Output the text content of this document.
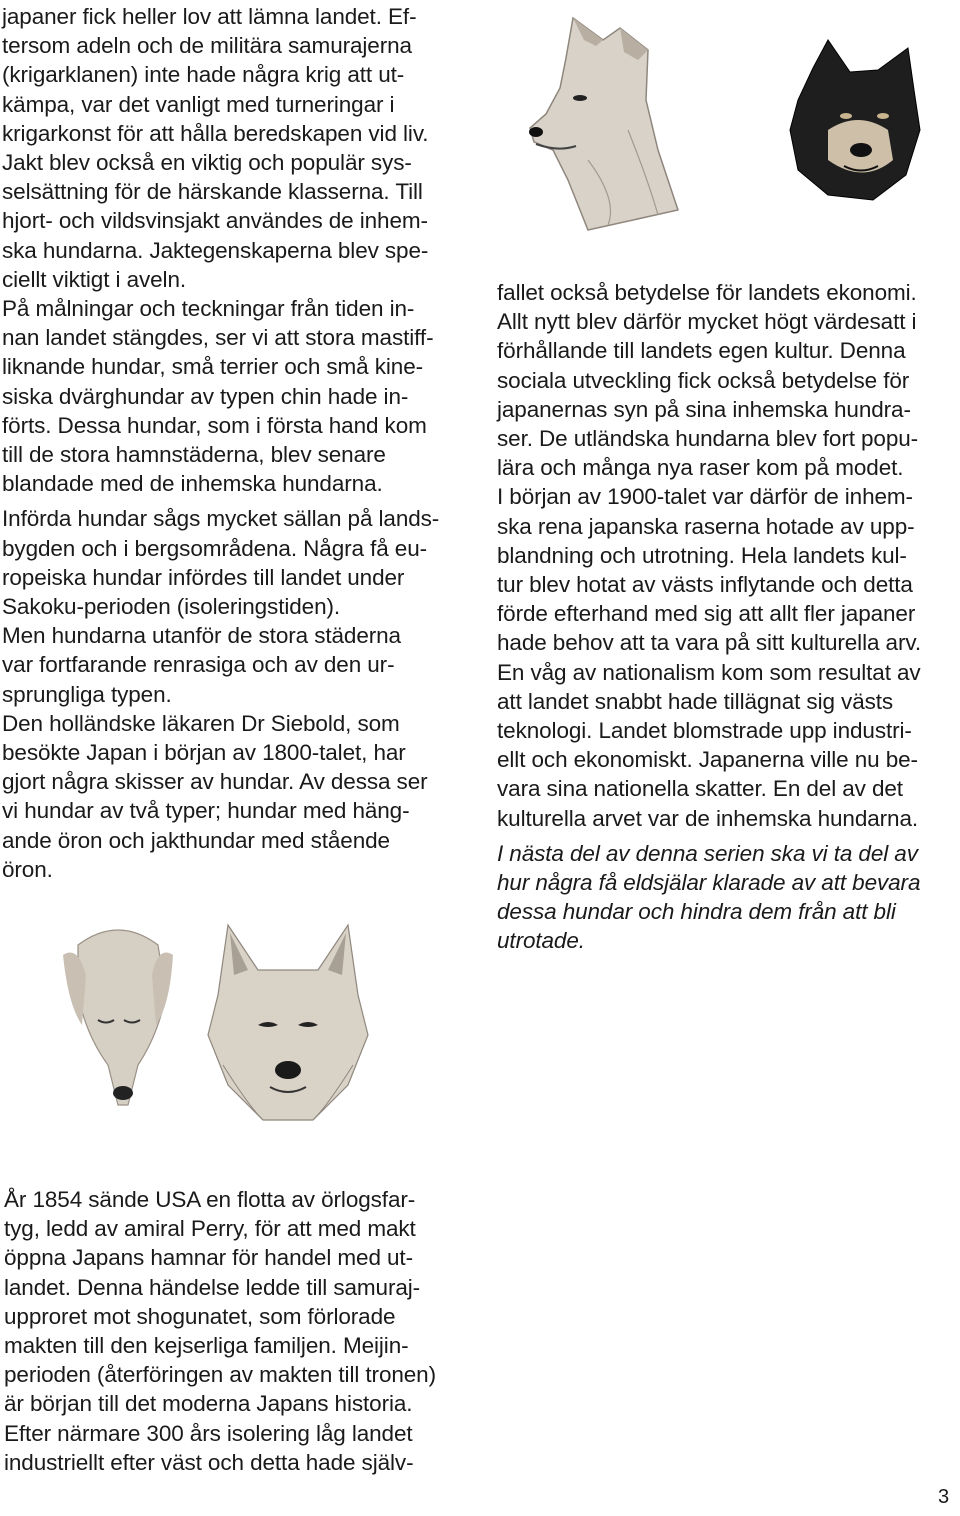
japaner fick heller lov att lämna landet. Ef-
tersom adeln och de militära samurajerna
(krigarklanen) inte hade några krig att ut-
kämpa, var det vanligt med turneringar i
krigarkonst för att hålla beredskapen vid liv.
Jakt blev också en viktig och populär sys-
selsättning för de härskande klasserna. Till
hjort- och vildsvinsjakt användes de inhem-
ska hundarna. Jaktegenskaperna blev spe-
ciellt viktigt i aveln.
På målningar och teckningar från tiden in-
nan landet stängdes, ser vi att stora mastiff-
liknande hundar, små terrier och små kine-
siska dvärghundar av typen chin hade in-
förts. Dessa hundar, som i första hand kom
till de stora hamnstäderna, blev senare
blandade med de inhemska hundarna.
Införda hundar sågs mycket sällan på lands-
bygden och i bergsområdena. Några få eu-
ropeiska hundar infördes till landet under
Sakoku-perioden (isoleringstiden).
Men hundarna utanför de stora städerna
var fortfarande renrasiga och av den ur-
sprungliga typen.
Den holländske läkaren Dr Siebold, som
besökte Japan i början av 1800-talet, har
gjort några skisser av hundar. Av dessa ser
vi hundar av två typer; hundar med häng-
ande öron och jakthundar med stående
öron.
fallet också betydelse för landets ekonomi.
Allt nytt blev därför mycket högt värdesatt i
förhållande till landets egen kultur. Denna
sociala utveckling fick också betydelse för
japanernas syn på sina inhemska hundra-
ser. De utländska hundarna blev fort popu-
lära och många nya raser kom på modet.
I början av 1900-talet var därför de inhem-
ska rena japanska raserna hotade av upp-
blandning och utrotning. Hela landets kul-
tur blev hotat av västs inflytande och detta
förde efterhand med sig att allt fler japaner
hade behov att ta vara på sitt kulturella arv.
En våg av nationalism kom som resultat av
att landet snabbt hade tillägnat sig västs
teknologi. Landet blomstrade upp industri-
ellt och ekonomiskt. Japanerna ville nu be-
vara sina nationella skatter. En del av det
kulturella arvet var de inhemska hundarna.
I nästa del av denna serien ska vi ta del av
hur några få eldsjälar klarade av att bevara
dessa hundar och hindra dem från att bli
utrotade.
År 1854 sände USA en flotta av örlogsfar-
tyg, ledd av amiral Perry, för att med makt
öppna Japans hamnar för handel med ut-
landet. Denna händelse ledde till samuraj-
upproret mot shogunatet, som förlorade
makten till den kejserliga familjen. Meijin-
perioden (återföringen av makten till tronen)
är början till det moderna Japans historia.
Efter närmare 300 års isolering låg landet
industriellt efter väst och detta hade själv-
3
